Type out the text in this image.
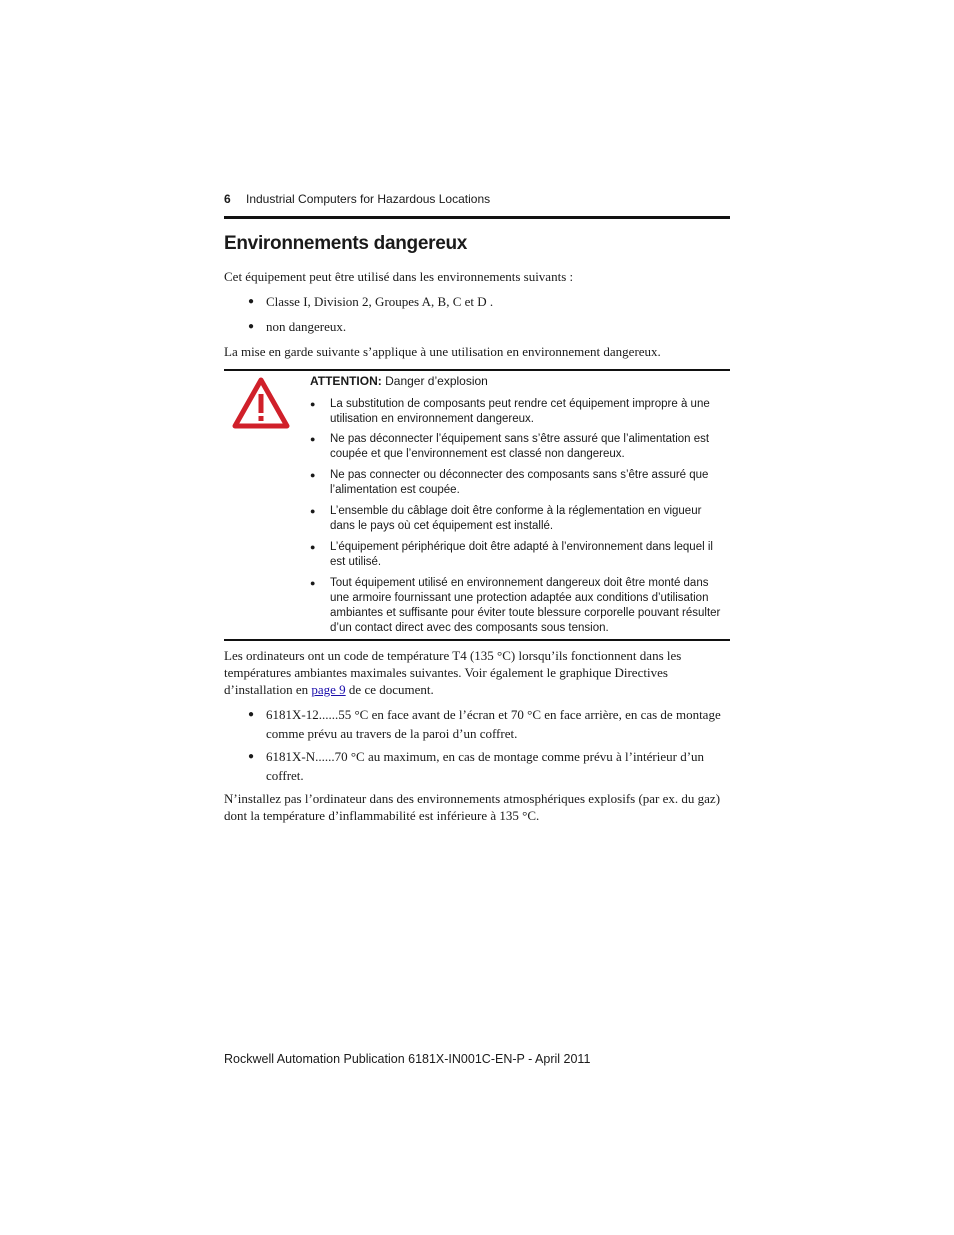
6 Industrial Computers for Hazardous Locations
Environnements dangereux

Cet équipement peut être utilisé dans les environnements suivants :

● Classe I, Division 2, Groupes A, B, C et D .
● non dangereux.

La mise en garde suivante s’applique à une utilisation en environnement dangereux.

ATTENTION: Danger d’explosion
● La substitution de composants peut rendre cet équipement impropre à une utilisation en environnement dangereux.
● Ne pas déconnecter l’équipement sans s’être assuré que l’alimentation est coupée et que l’environnement est classé non dangereux.
● Ne pas connecter ou déconnecter des composants sans s’être assuré que l’alimentation est coupée.
● L’ensemble du câblage doit être conforme à la réglementation en vigueur dans le pays où cet équipement est installé.
● L’équipement périphérique doit être adapté à l’environnement dans lequel il est utilisé.
● Tout équipement utilisé en environnement dangereux doit être monté dans une armoire fournissant une protection adaptée aux conditions d’utilisation ambiantes et suffisante pour éviter toute blessure corporelle pouvant résulter d’un contact direct avec des composants sous tension.

Les ordinateurs ont un code de température T4 (135 °C) lorsqu’ils fonctionnent dans les températures ambiantes maximales suivantes. Voir également le graphique Directives d’installation en page 9 de ce document.

● 6181X-12......55 °C en face avant de l’écran et 70 °C en face arrière, en cas de montage comme prévu au travers de la paroi d’un coffret.
● 6181X-N......70 °C au maximum, en cas de montage comme prévu à l’intérieur d’un coffret.

N’installez pas l’ordinateur dans des environnements atmosphériques explosifs (par ex. du gaz) dont la température d’inflammabilité est inférieure à 135 °C.

Rockwell Automation Publication 6181X-IN001C-EN-P - April 2011
